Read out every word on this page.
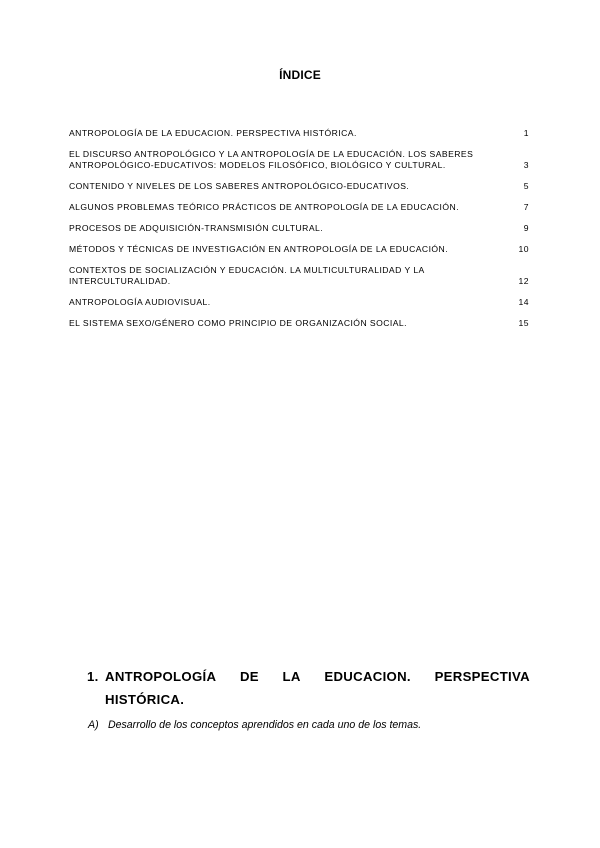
ÍNDICE
ANTROPOLOGÍA DE LA EDUCACION. PERSPECTIVA HISTÓRICA.	1
EL DISCURSO ANTROPOLÓGICO Y LA ANTROPOLOGÍA DE LA EDUCACIÓN. LOS SABERES ANTROPOLÓGICO-EDUCATIVOS: MODELOS FILOSÓFICO, BIOLÓGICO Y CULTURAL.	3
CONTENIDO Y NIVELES DE LOS SABERES ANTROPOLÓGICO-EDUCATIVOS.	5
ALGUNOS PROBLEMAS TEÓRICO PRÁCTICOS DE ANTROPOLOGÍA DE LA EDUCACIÓN.	7
PROCESOS DE ADQUISICIÓN-TRANSMISIÓN CULTURAL.	9
MÉTODOS Y TÉCNICAS DE INVESTIGACIÓN EN ANTROPOLOGÍA DE LA EDUCACIÓN.	10
CONTEXTOS DE SOCIALIZACIÓN Y EDUCACIÓN. LA MULTICULTURALIDAD Y LA INTERCULTURALIDAD.	12
ANTROPOLOGÍA AUDIOVISUAL.	14
EL SISTEMA SEXO/GÉNERO COMO PRINCIPIO DE ORGANIZACIÓN SOCIAL.	15
1. ANTROPOLOGÍA DE LA EDUCACION. PERSPECTIVA
HISTÓRICA.
A) Desarrollo de los conceptos aprendidos en cada uno de los temas.
